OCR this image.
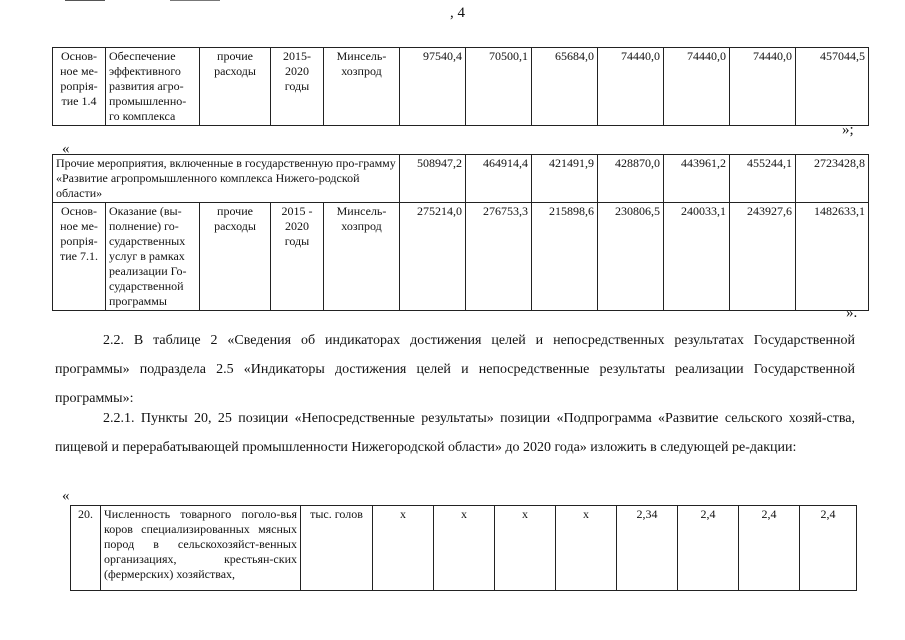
, 4
Основ-ное ме-ропрія-тие 1.4	Обеспечение эффективного развития агро-промышленно-го комплекса	прочие расходы	2015-2020 годы	Минсель-хозпрод	97540,4	70500,1	65684,0	74440,0	74440,0	74440,0	457044,5
«
»;
Прочие мероприятия, включенные в государственную про-грамму «Развитие агропромышленного комплекса Нижего-родской области»					508947,2	464914,4	421491,9	428870,0	443961,2	455244,1	2723428,8
Основ-ное ме-ропрія-тие 7.1.	Оказание (вы-полнение) го-сударственных услуг в рамках реализации Го-сударственной программы	прочие расходы	2015 - 2020 годы	Минсель-хозпрод	275214,0	276753,3	215898,6	230806,5	240033,1	243927,6	1482633,1
».
2.2. В таблице 2 «Сведения об индикаторах достижения целей и непосредственных результатах Государственной программы» подраздела 2.5 «Индикаторы достижения целей и непосредственные результаты реализации Государственной программы»:
2.2.1. Пункты 20, 25 позиции «Непосредственные результаты» позиции «Подпрограмма «Развитие сельского хозяй-ства, пищевой и перерабатывающей промышленности Нижегородской области» до 2020 года» изложить в следующей ре-дакции:
«
20.	Численность товарного поголо-вья коров специализированных мясных пород в сельскохозяйст-венных организациях, крестьян-ских (фермерских) хозяйствах,	тыс. голов	х	х	х	х	2,34	2,4	2,4	2,4
